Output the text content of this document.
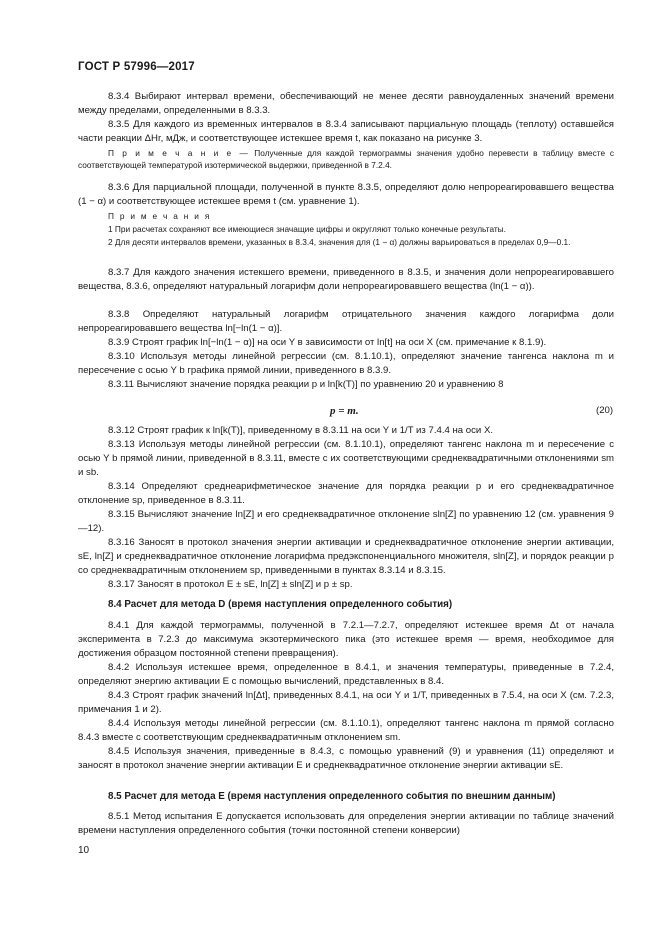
ГОСТ Р 57996—2017
8.3.4 Выбирают интервал времени, обеспечивающий не менее десяти равноудаленных значений времени между пределами, определенными в 8.3.3.
8.3.5 Для каждого из временных интервалов в 8.3.4 записывают парциальную площадь (теплоту) оставшейся части реакции ΔHr, мДж, и соответствующее истекшее время t, как показано на рисунке 3.
П р и м е ч а н и е — Полученные для каждой термограммы значения удобно перевести в таблицу вместе с соответствующей температурой изотермической выдержки, приведенной в 7.2.4.
8.3.6 Для парциальной площади, полученной в пункте 8.3.5, определяют долю непрореагировавшего вещества (1 − α) и соответствующее истекшее время t (см. уравнение 1).
П р и м е ч а н и я
1 При расчетах сохраняют все имеющиеся значащие цифры и округляют только конечные результаты.
2 Для десяти интервалов времени, указанных в 8.3.4, значения для (1 − α) должны варьироваться в пределах 0,9—0.1.
8.3.7 Для каждого значения истекшего времени, приведенного в 8.3.5, и значения доли непрореагировавшего вещества, 8.3.6, определяют натуральный логарифм доли непрореагировавшего вещества (ln(1 − α)).
8.3.8 Определяют натуральный логарифм отрицательного значения каждого логарифма доли непрореагировавшего вещества ln[−ln(1 − α)].
8.3.9 Строят график ln[−ln(1 − α)] на оси Y в зависимости от ln[t] на оси X (см. примечание к 8.1.9).
8.3.10 Используя методы линейной регрессии (см. 8.1.10.1), определяют значение тангенса наклона m и пересечение с осью Y b графика прямой линии, приведенного в 8.3.9.
8.3.11 Вычисляют значение порядка реакции p и ln[k(T)] по уравнению 20 и уравнению 8
p = m.	(20)
8.3.12 Строят график к ln[k(T)], приведенному в 8.3.11 на оси Y и 1/T из 7.4.4 на оси X.
8.3.13 Используя методы линейной регрессии (см. 8.1.10.1), определяют тангенс наклона m и пересечение с осью Y b прямой линии, приведенной в 8.3.11, вместе с их соответствующими среднеквадратичными отклонениями sm и sb.
8.3.14 Определяют среднеарифметическое значение для порядка реакции p и его среднеквадратичное отклонение sp, приведенное в 8.3.11.
8.3.15 Вычисляют значение ln[Z] и его среднеквадратичное отклонение sln[Z] по уравнению 12 (см. уравнения 9—12).
8.3.16 Заносят в протокол значения энергии активации и среднеквадратичное отклонение энергии активации, sE, ln[Z] и среднеквадратичное отклонение логарифма предэкспоненциального множителя, sln[Z], и порядок реакции p со среднеквадратичным отклонением sp, приведенными в пунктах 8.3.14 и 8.3.15.
8.3.17 Заносят в протокол E ± sE, ln[Z] ± sln[Z] и p ± sp.
8.4 Расчет для метода D (время наступления определенного события)
8.4.1 Для каждой термограммы, полученной в 7.2.1—7.2.7, определяют истекшее время Δt от начала эксперимента в 7.2.3 до максимума экзотермического пика (это истекшее время — время, необходимое для достижения образцом постоянной степени превращения).
8.4.2 Используя истекшее время, определенное в 8.4.1, и значения температуры, приведенные в 7.2.4, определяют энергию активации E с помощью вычислений, представленных в 8.4.
8.4.3 Строят график значений ln[Δt], приведенных 8.4.1, на оси Y и 1/T, приведенных в 7.5.4, на оси X (см. 7.2.3, примечания 1 и 2).
8.4.4 Используя методы линейной регрессии (см. 8.1.10.1), определяют тангенс наклона m прямой согласно 8.4.3 вместе с соответствующим среднеквадратичным отклонением sm.
8.4.5 Используя значения, приведенные в 8.4.3, с помощью уравнений (9) и уравнения (11) определяют и заносят в протокол значение энергии активации E и среднеквадратичное отклонение энергии активации sE.
8.5 Расчет для метода E (время наступления определенного события по внешним данным)
8.5.1 Метод испытания E допускается использовать для определения энергии активации по таблице значений времени наступления определенного события (точки постоянной степени конверсии)
10
